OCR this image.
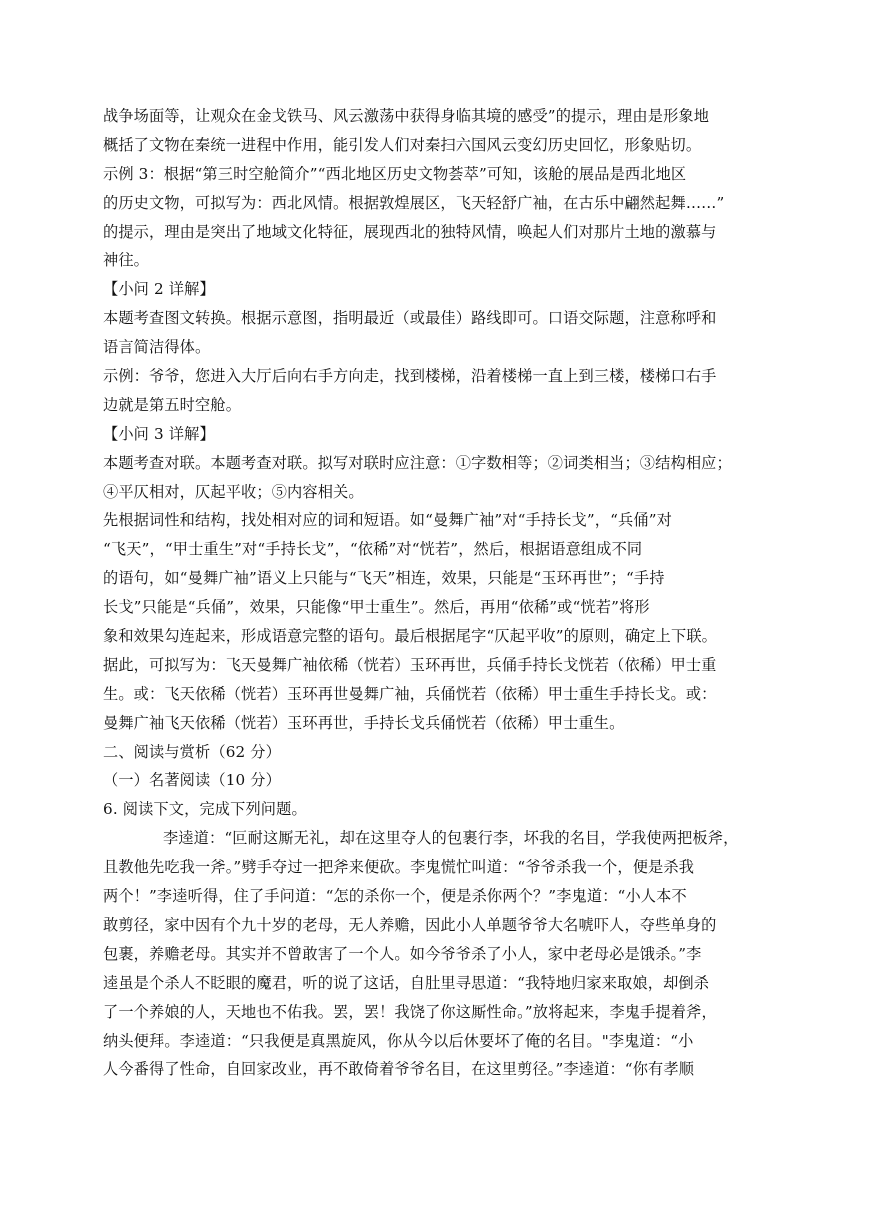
战争场面等，让观众在金戈铁马、风云激荡中获得身临其境的感受”的提示，理由是形象地
概括了文物在秦统一进程中作用，能引发人们对秦扫六国风云变幻历史回忆，形象贴切。
示例 3：根据“第三时空舱简介”“西北地区历史文物荟萃”可知，该舱的展品是西北地区
的历史文物，可拟写为：西北风情。根据敦煌展区，飞天轻舒广袖，在古乐中翩然起舞……”
的提示，理由是突出了地域文化特征，展现西北的独特风情，唤起人们对那片土地的激慕与
神往。
【小问 2 详解】
本题考查图文转换。根据示意图，指明最近（或最佳）路线即可。口语交际题，注意称呼和
语言简洁得体。
示例：爷爷，您进入大厅后向右手方向走，找到楼梯，沿着楼梯一直上到三楼，楼梯口右手
边就是第五时空舱。
【小问 3 详解】
本题考查对联。本题考查对联。拟写对联时应注意：①字数相等；②词类相当；③结构相应；
④平仄相对，仄起平收；⑤内容相关。
先根据词性和结构，找处相对应的词和短语。如“曼舞广袖”对“手持长戈”，“兵俑”对
“飞天”，“甲士重生”对“手持长戈”，“依稀”对“恍若”，然后，根据语意组成不同
的语句，如“曼舞广袖”语义上只能与“飞天”相连，效果，只能是“玉环再世”；“手持
长戈”只能是“兵俑”，效果，只能像“甲士重生”。然后，再用“依稀”或“恍若”将形
象和效果勾连起来，形成语意完整的语句。最后根据尾字“仄起平收”的原则，确定上下联。
据此，可拟写为：飞天曼舞广袖依稀（恍若）玉环再世，兵俑手持长戈恍若（依稀）甲士重
生。或：飞天依稀（恍若）玉环再世曼舞广袖，兵俑恍若（依稀）甲士重生手持长戈。或：
曼舞广袖飞天依稀（恍若）玉环再世，手持长戈兵俑恍若（依稀）甲士重生。
二、阅读与赏析（62 分）
（一）名著阅读（10 分）
6. 阅读下文，完成下列问题。
李逵道：“叵耐这厮无礼，却在这里夺人的包裹行李，坏我的名目，学我使两把板斧，
且教他先吃我一斧。”劈手夺过一把斧来便砍。李鬼慌忙叫道：“爷爷杀我一个，便是杀我
两个！”李逵听得，住了手问道：“怎的杀你一个，便是杀你两个？”李鬼道：“小人本不
敢剪径，家中因有个九十岁的老母，无人养赡，因此小人单题爷爷大名唬吓人，夺些单身的
包裹，养赡老母。其实并不曾敢害了一个人。如今爷爷杀了小人，家中老母必是饿杀。”李
逵虽是个杀人不眨眼的魔君，听的说了这话，自肚里寻思道：“我特地归家来取娘，却倒杀
了一个养娘的人，天地也不佑我。罢，罢！我饶了你这厮性命。”放将起来，李鬼手提着斧，
纳头便拜。李逵道：“只我便是真黑旋风，你从今以后休要坏了俺的名目。"李鬼道：“小
人今番得了性命，自回家改业，再不敢倚着爷爷名目，在这里剪径。”李逵道：“你有孝顺
